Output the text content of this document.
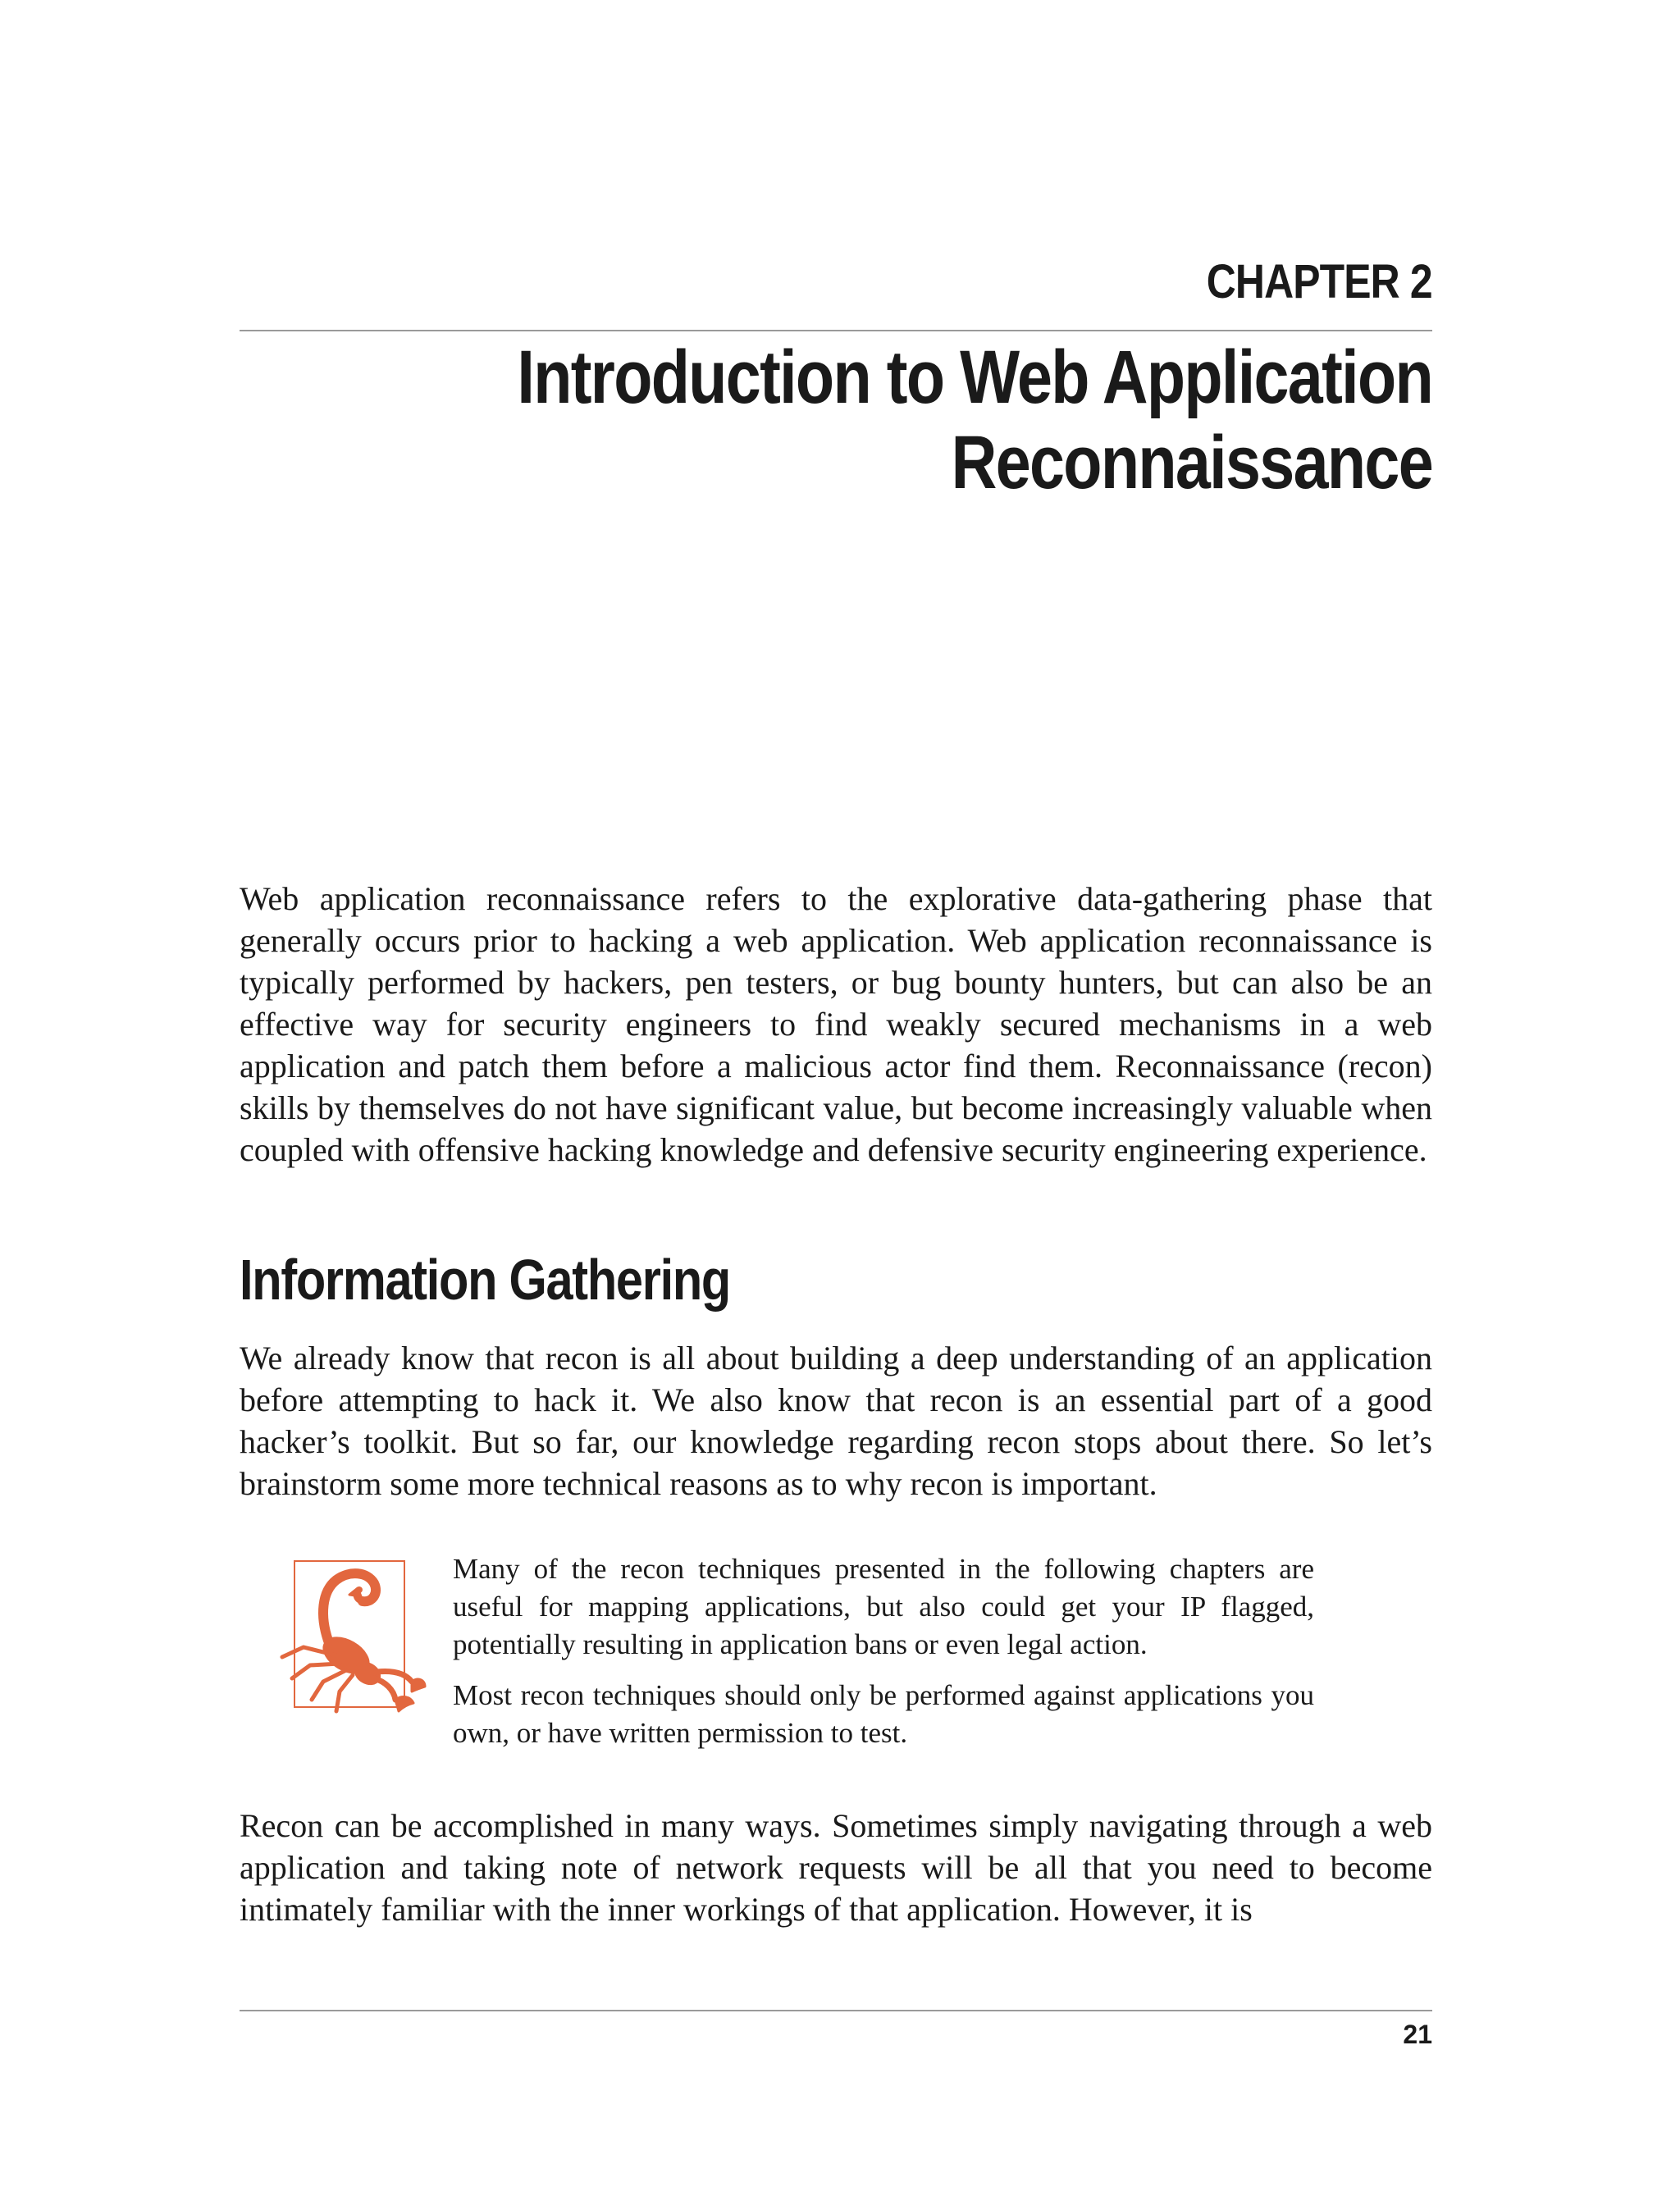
CHAPTER 2
Introduction to Web Application
Reconnaissance

Web application reconnaissance refers to the explorative data-gathering phase that generally occurs prior to hacking a web application. Web application reconnaissance is typically performed by hackers, pen testers, or bug bounty hunters, but can also be an effective way for security engineers to find weakly secured mechanisms in a web application and patch them before a malicious actor find them. Reconnaissance (recon) skills by themselves do not have significant value, but become increasingly valuable when coupled with offensive hacking knowledge and defensive security engineering experience.

Information Gathering

We already know that recon is all about building a deep understanding of an application before attempting to hack it. We also know that recon is an essential part of a good hacker’s toolkit. But so far, our knowledge regarding recon stops about there. So let’s brainstorm some more technical reasons as to why recon is important.

Many of the recon techniques presented in the following chapters are useful for mapping applications, but also could get your IP flagged, potentially resulting in application bans or even legal action.

Most recon techniques should only be performed against applications you own, or have written permission to test.

Recon can be accomplished in many ways. Sometimes simply navigating through a web application and taking note of network requests will be all that you need to become intimately familiar with the inner workings of that application. However, it is

21
